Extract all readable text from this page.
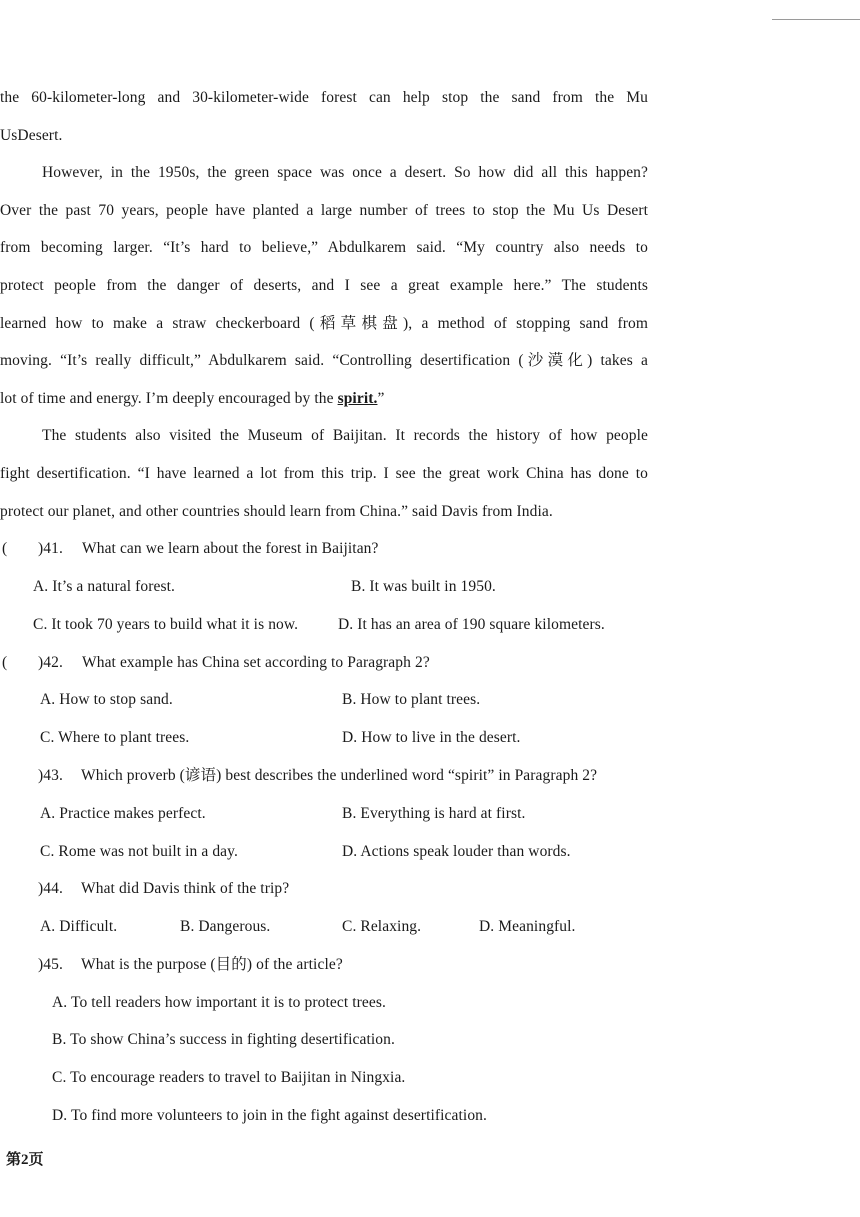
the 60-kilometer-long and 30-kilometer-wide forest can help stop the sand from the Mu
UsDesert.
However, in the 1950s, the green space was once a desert. So how did all this happen?
Over the past 70 years, people have planted a large number of trees to stop the Mu Us Desert
from becoming larger. “It’s hard to believe,” Abdulkarem said. “My country also needs to
protect people from the danger of deserts, and I see a great example here.” The students
learned how to make a straw checkerboard (稻草棋盘), a method of stopping sand from
moving. “It’s really difficult,” Abdulkarem said. “Controlling desertification (沙漠化) takes a
lot of time and energy. I’m deeply encouraged by the spirit.”
The students also visited the Museum of Baijitan. It records the history of how people
fight desertification. “I have learned a lot from this trip. I see the great work China has done to
protect our planet, and other countries should learn from China.” said Davis from India.
( )41. What can we learn about the forest in Baijitan?
A. It’s a natural forest.	B. It was built in 1950.
C. It took 70 years to build what it is now.	D. It has an area of 190 square kilometers.
( )42. What example has China set according to Paragraph 2?
A. How to stop sand.	B. How to plant trees.
C. Where to plant trees.	D. How to live in the desert.
)43. Which proverb (谚语) best describes the underlined word “spirit” in Paragraph 2?
A. Practice makes perfect.	B. Everything is hard at first.
C. Rome was not built in a day.	D. Actions speak louder than words.
)44. What did Davis think of the trip?
A. Difficult.	B. Dangerous.	C. Relaxing.	D. Meaningful.
)45. What is the purpose (目的) of the article?
A. To tell readers how important it is to protect trees.
B. To show China’s success in fighting desertification.
C. To encourage readers to travel to Baijitan in Ningxia.
D. To find more volunteers to join in the fight against desertification.
第2页
